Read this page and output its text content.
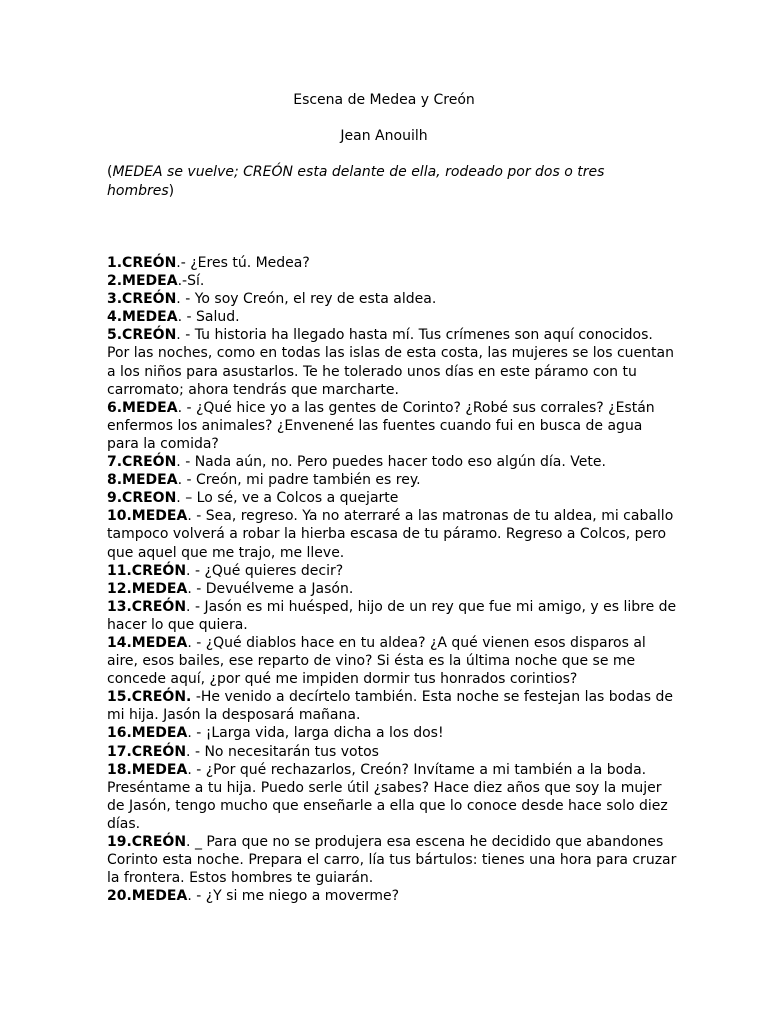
Escena de Medea y Creón
Jean Anouilh

(MEDEA se vuelve; CREÓN esta delante de ella, rodeado por dos o tres hombres)

1.CREÓN.- ¿Eres tú. Medea?

2.MEDEA.-Sí.

3.CREÓN. - Yo soy Creón, el rey de esta aldea.

4.MEDEA. - Salud.

5.CREÓN. - Tu historia ha llegado hasta mí. Tus crímenes son aquí conocidos. Por las noches, como en todas las islas de esta costa, las mujeres se los cuentan a los niños para asustarlos. Te he tolerado unos días en este páramo con tu carromato; ahora tendrás que marcharte.

6.MEDEA. - ¿Qué hice yo a las gentes de Corinto? ¿Robé sus corrales? ¿Están enfermos los animales? ¿Envenené las fuentes cuando fui en busca de agua para la comida?

7.CREÓN. - Nada aún, no. Pero puedes hacer todo eso algún día. Vete.

8.MEDEA. - Creón, mi padre también es rey.

9.CREON. – Lo sé, ve a Colcos a quejarte

10.MEDEA. - Sea, regreso. Ya no aterraré a las matronas de tu aldea, mi caballo tampoco volverá a robar la hierba escasa de tu páramo. Regreso a Colcos, pero que aquel que me trajo, me lleve.

11.CREÓN. - ¿Qué quieres decir?

12.MEDEA. - Devuélveme a Jasón.

13.CREÓN. - Jasón es mi huésped, hijo de un rey que fue mi amigo, y es libre de hacer lo que quiera.

14.MEDEA. - ¿Qué diablos hace en tu aldea? ¿A qué vienen esos disparos al aire, esos bailes, ese reparto de vino? Si ésta es la última noche que se me concede aquí, ¿por qué me impiden dormir tus honrados corintios?

15.CREÓN. -He venido a decírtelo también. Esta noche se festejan las bodas de mi hija. Jasón la desposará mañana.

16.MEDEA. - ¡Larga vida, larga dicha a los dos!

17.CREÓN. - No necesitarán tus votos

18.MEDEA. - ¿Por qué rechazarlos, Creón? Invítame a mi también a la boda. Preséntame a tu hija. Puedo serle útil ¿sabes? Hace diez años que soy la mujer de Jasón, tengo mucho que enseñarle a ella que lo conoce desde hace solo diez días.

19.CREÓN. _ Para que no se produjera esa escena he decidido que abandones Corinto esta noche. Prepara el carro, lía tus bártulos: tienes una hora para cruzar la frontera. Estos hombres te guiarán.

20.MEDEA. - ¿Y si me niego a moverme?
